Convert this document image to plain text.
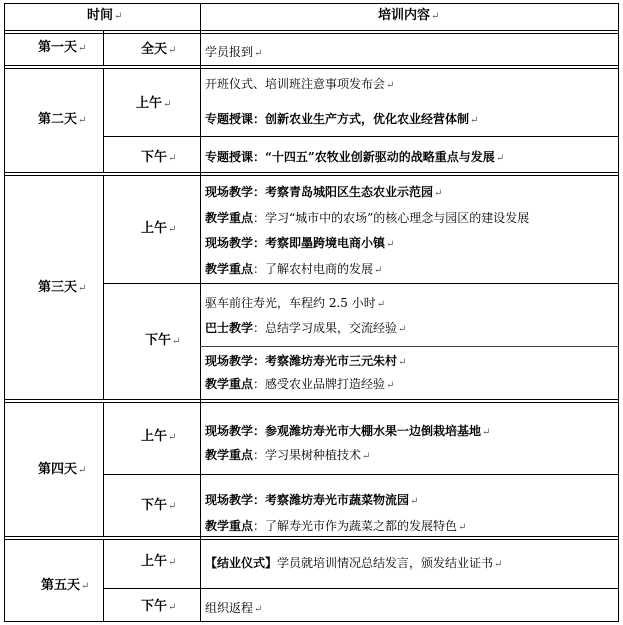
时间↵	培训内容↵
第一天↵
第二天↵
第三天↵
第四天↵
第五天↵
全天↵
上午↵
下午↵
上午↵
下午↵
上午↵
下午↵
上午↵
下午↵
学员报到↵
开班仪式、培训班注意事项发布会↵
专题授课：创新农业生产方式，优化农业经营体制↵
专题授课：“十四五”农牧业创新驱动的战略重点与发展↵
现场教学：考察青岛城阳区生态农业示范园↵
教学重点：学习“城市中的农场”的核心理念与园区的建设发展
现场教学：考察即墨跨境电商小镇↵
教学重点：了解农村电商的发展↵
驱车前往寿光，车程约 2.5 小时↵
巴士教学：总结学习成果，交流经验↵
现场教学：考察潍坊寿光市三元朱村↵
教学重点：感受农业品牌打造经验↵
现场教学：参观潍坊寿光市大棚水果一边倒栽培基地↵
教学重点：学习果树种植技术↵
现场教学：考察潍坊寿光市蔬菜物流园↵
教学重点：了解寿光市作为蔬菜之都的发展特色↵
【结业仪式】学员就培训情况总结发言，颁发结业证书↵
组织返程↵
